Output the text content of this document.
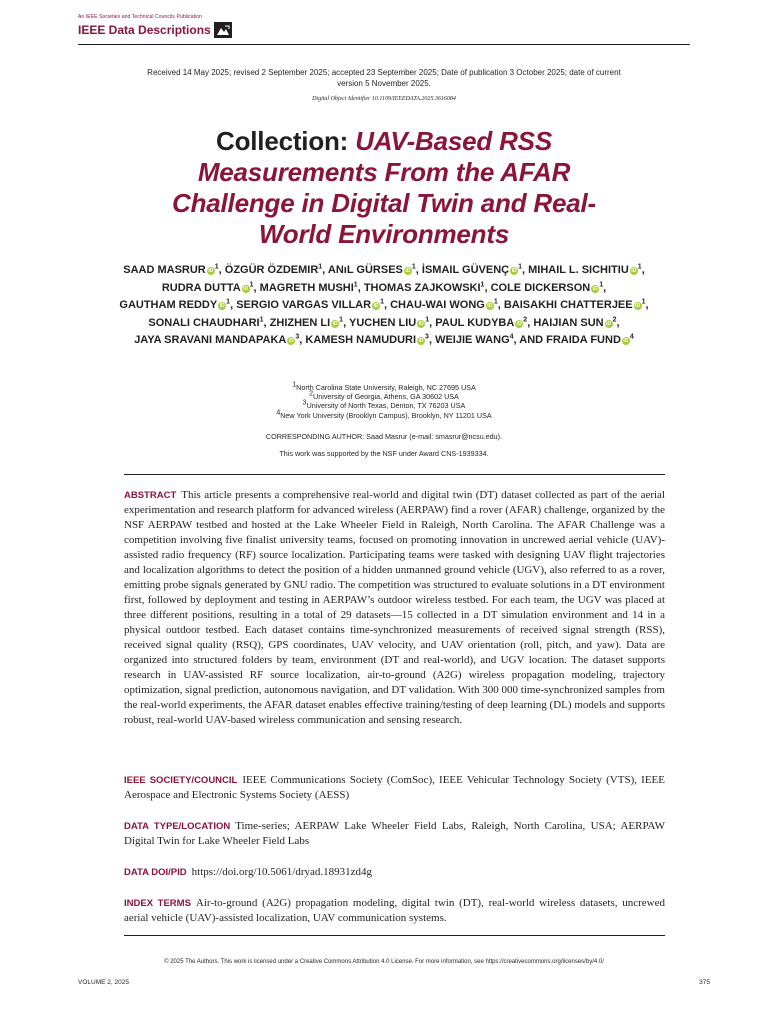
An IEEE Societies and Technical Councils Publication
IEEE Data Descriptions
Received 14 May 2025; revised 2 September 2025; accepted 23 September 2025; Date of publication 3 October 2025; date of current version 5 November 2025.
Digital Object Identifier 10.1109/IEEEDATA.2025.3616084
Collection: UAV-Based RSS Measurements From the AFAR Challenge in Digital Twin and Real-World Environments
SAAD MASRUR $iD^1$, ÖZGÜR ÖZDEMIR$^1$, ANıL GÜRSES $iD^1$, İSMAIL GÜVENÇ $iD^1$, MIHAIL L. SICHITIU $iD^1$, RUDRA DUTTA $iD^1$, MAGRETH MUSHI$^1$, THOMAS ZAJKOWSKI$^1$, COLE DICKERSON $iD^1$, GAUTHAM REDDY $iD^1$, SERGIO VARGAS VILLAR $iD^1$, CHAU-WAI WONG $iD^1$, BAISAKHI CHATTERJEE $iD^1$, SONALI CHAUDHARI$^1$, ZHIZHEN LI $iD^1$, YUCHEN LIU $iD^1$, PAUL KUDYBA $iD^2$, HAIJIAN SUN $iD^2$, JAYA SRAVANI MANDAPAKA $iD^3$, KAMESH NAMUDURI $iD^3$, WEIJIE WANG$^4$, AND FRAIDA FUND $iD^4$
$^1$North Carolina State University, Raleigh, NC 27695 USA
$^2$University of Georgia, Athens, GA 30602 USA
$^3$University of North Texas, Denton, TX 76203 USA
$^4$New York University (Brooklyn Campus), Brooklyn, NY 11201 USA
CORRESPONDING AUTHOR: Saad Masrur (e-mail: smasrur@ncsu.edu).
This work was supported by the NSF under Award CNS-1939334.
ABSTRACT This article presents a comprehensive real-world and digital twin (DT) dataset collected as part of the aerial experimentation and research platform for advanced wireless (AERPAW) find a rover (AFAR) challenge, organized by the NSF AERPAW testbed and hosted at the Lake Wheeler Field in Raleigh, North Carolina. The AFAR Challenge was a competition involving five finalist university teams, focused on promoting innovation in uncrewed aerial vehicle (UAV)-assisted radio frequency (RF) source localization. Participating teams were tasked with designing UAV flight trajectories and localization algorithms to detect the position of a hidden unmanned ground vehicle (UGV), also referred to as a rover, emitting probe signals generated by GNU radio. The competition was structured to evaluate solutions in a DT environment first, followed by deployment and testing in AERPAW’s outdoor wireless testbed. For each team, the UGV was placed at three different positions, resulting in a total of 29 datasets—15 collected in a DT simulation environment and 14 in a physical outdoor testbed. Each dataset contains time-synchronized measurements of received signal strength (RSS), received signal quality (RSQ), GPS coordinates, UAV velocity, and UAV orientation (roll, pitch, and yaw). Data are organized into structured folders by team, environment (DT and real-world), and UGV location. The dataset supports research in UAV-assisted RF source localization, air-to-ground (A2G) wireless propagation modeling, trajectory optimization, signal prediction, autonomous navigation, and DT validation. With 300 000 time-synchronized samples from the real-world experiments, the AFAR dataset enables effective training/testing of deep learning (DL) models and supports robust, real-world UAV-based wireless communication and sensing research.
IEEE SOCIETY/COUNCIL IEEE Communications Society (ComSoc), IEEE Vehicular Technology Society (VTS), IEEE Aerospace and Electronic Systems Society (AESS)
DATA TYPE/LOCATION Time-series; AERPAW Lake Wheeler Field Labs, Raleigh, North Carolina, USA; AERPAW Digital Twin for Lake Wheeler Field Labs
DATA DOI/PID https://doi.org/10.5061/dryad.18931zd4g
INDEX TERMS Air-to-ground (A2G) propagation modeling, digital twin (DT), real-world wireless datasets, uncrewed aerial vehicle (UAV)-assisted localization, UAV communication systems.
© 2025 The Authors. This work is licensed under a Creative Commons Attribution 4.0 License. For more information, see https://creativecommons.org/licenses/by/4.0/
VOLUME 2, 2025	375
